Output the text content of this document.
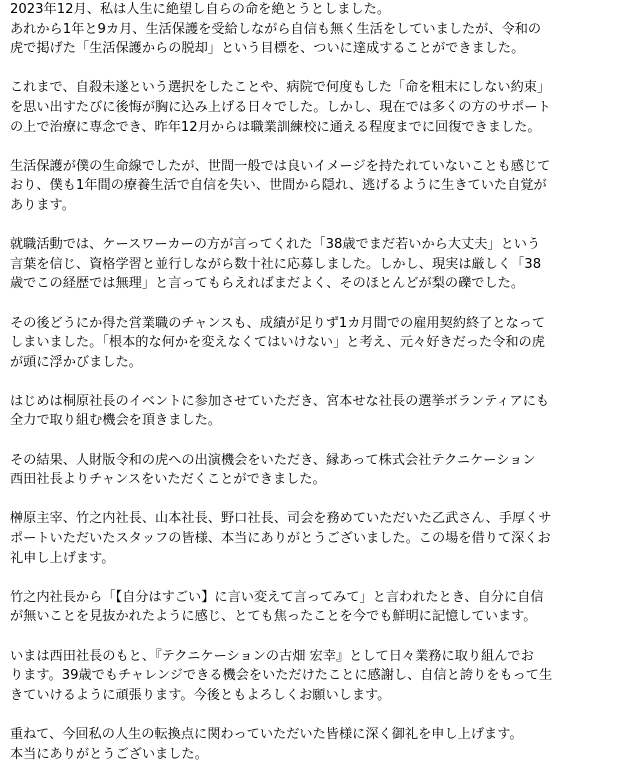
2023年12月、私は人生に絶望し自らの命を絶とうとしました。
あれから1年と9カ月、生活保護を受給しながら自信も無く生活をしていましたが、令和の
虎で掲げた「生活保護からの脱却」という目標を、ついに達成することができました。

これまで、自殺未遂という選択をしたことや、病院で何度もした「命を粗末にしない約束」
を思い出すたびに後悔が胸に込み上げる日々でした。しかし、現在では多くの方のサポート
の上で治療に専念でき、昨年12月からは職業訓練校に通える程度までに回復できました。

生活保護が僕の生命線でしたが、世間一般では良いイメージを持たれていないことも感じて
おり、僕も1年間の療養生活で自信を失い、世間から隠れ、逃げるように生きていた自覚が
あります。

就職活動では、ケースワーカーの方が言ってくれた「38歳でまだ若いから大丈夫」という
言葉を信じ、資格学習と並行しながら数十社に応募しました。しかし、現実は厳しく「38
歳でこの経歴では無理」と言ってもらえればまだよく、そのほとんどが梨の礫でした。

その後どうにか得た営業職のチャンスも、成績が足りず1カ月間での雇用契約終了となって
しまいました。「根本的な何かを変えなくてはいけない」と考え、元々好きだった令和の虎
が頭に浮かびました。

はじめは桐原社長のイベントに参加させていただき、宮本せな社長の選挙ボランティアにも
全力で取り組む機会を頂きました。

その結果、人財版令和の虎への出演機会をいただき、縁あって株式会社テクニケーション
西田社長よりチャンスをいただくことができました。

榊原主宰、竹之内社長、山本社長、野口社長、司会を務めていただいた乙武さん、手厚くサ
ポートいただいたスタッフの皆様、本当にありがとうございました。この場を借りて深くお
礼申し上げます。

竹之内社長から「【自分はすごい】に言い変えて言ってみて」と言われたとき、自分に自信
が無いことを見抜かれたように感じ、とても焦ったことを今でも鮮明に記憶しています。

いまは西田社長のもと、『テクニケーションの古畑 宏幸』として日々業務に取り組んでお
ります。39歳でもチャレンジできる機会をいただけたことに感謝し、自信と誇りをもって生
きていけるように頑張ります。今後ともよろしくお願いします。

重ねて、今回私の人生の転換点に関わっていただいた皆様に深く御礼を申し上げます。
本当にありがとうございました。
